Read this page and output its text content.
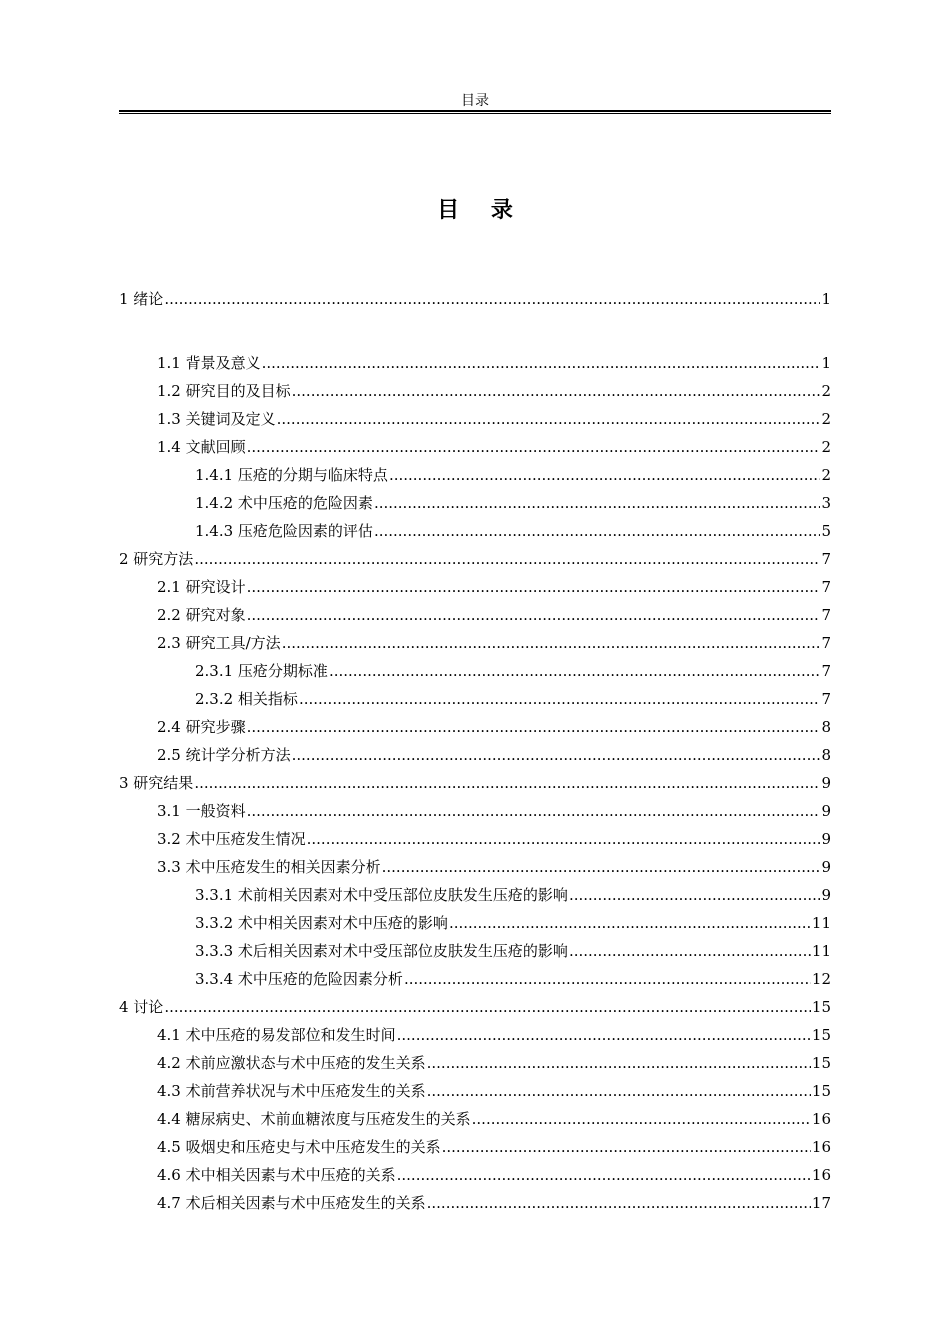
目录
目 录
1 绪论 .....	1
1.1 背景及意义 .....	1
1.2 研究目的及目标 .....	2
1.3 关键词及定义 .....	2
1.4 文献回顾 .....	2
1.4.1 压疮的分期与临床特点 .....	2
1.4.2 术中压疮的危险因素 .....	3
1.4.3 压疮危险因素的评估 .....	5
2 研究方法 .....	7
2.1 研究设计 .....	7
2.2 研究对象 .....	7
2.3 研究工具/方法 .....	7
2.3.1 压疮分期标准 .....	7
2.3.2 相关指标 .....	7
2.4 研究步骤 .....	8
2.5 统计学分析方法 .....	8
3 研究结果 .....	9
3.1 一般资料 .....	9
3.2 术中压疮发生情况 .....	9
3.3 术中压疮发生的相关因素分析 .....	9
3.3.1 术前相关因素对术中受压部位皮肤发生压疮的影响 .....	9
3.3.2 术中相关因素对术中压疮的影响 .....	11
3.3.3 术后相关因素对术中受压部位皮肤发生压疮的影响 .....	11
3.3.4 术中压疮的危险因素分析 .....	12
4 讨论 .....	15
4.1 术中压疮的易发部位和发生时间 .....	15
4.2 术前应激状态与术中压疮的发生关系 .....	15
4.3 术前营养状况与术中压疮发生的关系 .....	15
4.4 糖尿病史、术前血糖浓度与压疮发生的关系 .....	16
4.5 吸烟史和压疮史与术中压疮发生的关系 .....	16
4.6 术中相关因素与术中压疮的关系 .....	16
4.7 术后相关因素与术中压疮发生的关系 .....	17
